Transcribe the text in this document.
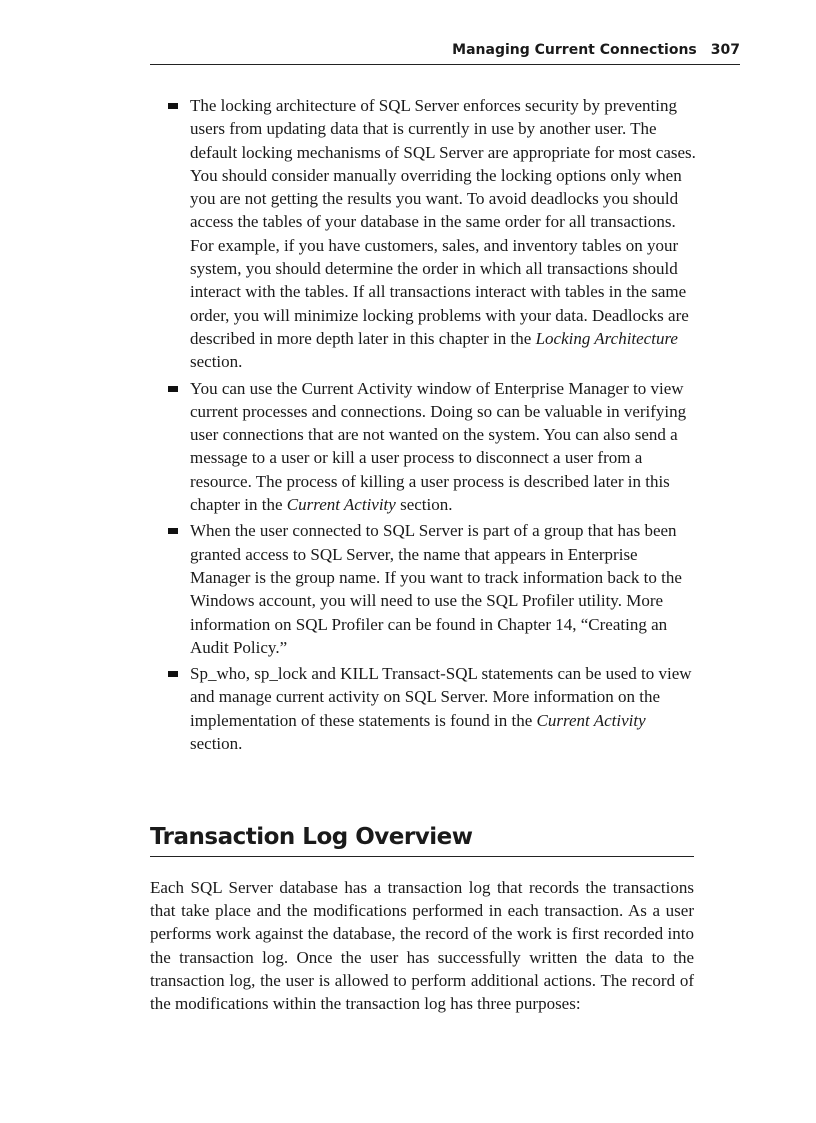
Managing Current Connections 307
The locking architecture of SQL Server enforces security by preventing users from updating data that is currently in use by another user. The default locking mechanisms of SQL Server are appropriate for most cases. You should consider manually overriding the locking options only when you are not getting the results you want. To avoid deadlocks you should access the tables of your database in the same order for all transactions. For example, if you have customers, sales, and inventory tables on your system, you should determine the order in which all transactions should interact with the tables. If all transactions interact with tables in the same order, you will minimize locking problems with your data. Deadlocks are described in more depth later in this chapter in the Locking Architecture section.
You can use the Current Activity window of Enterprise Manager to view current processes and connections. Doing so can be valuable in verifying user connections that are not wanted on the system. You can also send a message to a user or kill a user process to disconnect a user from a resource. The process of killing a user process is described later in this chapter in the Current Activity section.
When the user connected to SQL Server is part of a group that has been granted access to SQL Server, the name that appears in Enterprise Manager is the group name. If you want to track information back to the Windows account, you will need to use the SQL Profiler utility. More information on SQL Profiler can be found in Chapter 14, “Creating an Audit Policy.”
Sp_who, sp_lock and KILL Transact-SQL statements can be used to view and manage current activity on SQL Server. More information on the implementation of these statements is found in the Current Activity section.
Transaction Log Overview

Each SQL Server database has a transaction log that records the transactions that take place and the modifications performed in each transaction. As a user performs work against the database, the record of the work is first recorded into the transaction log. Once the user has successfully written the data to the transaction log, the user is allowed to perform additional actions. The record of the modifications within the transaction log has three purposes:
